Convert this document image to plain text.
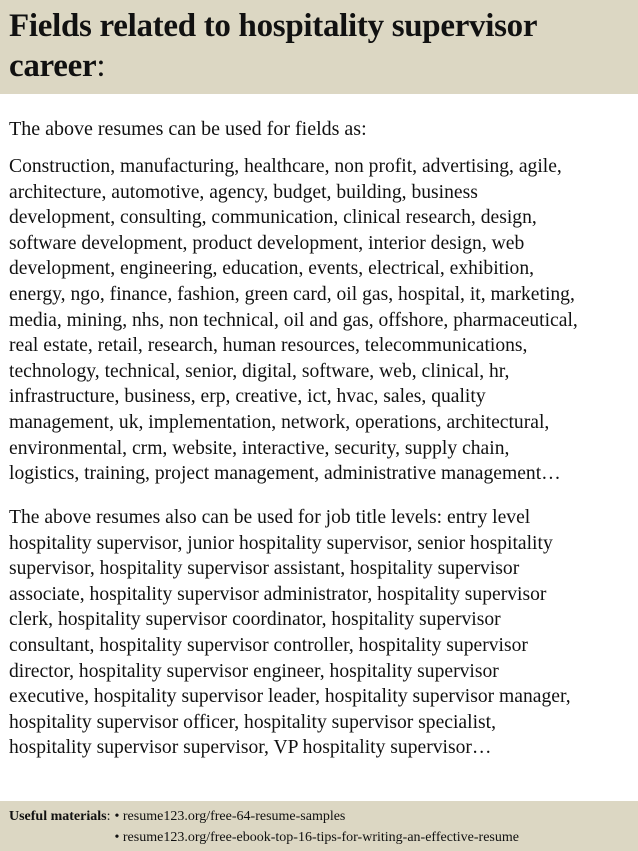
Fields related to hospitality supervisor
career:
The above resumes can be used for fields as:
Construction, manufacturing, healthcare, non profit, advertising, agile,
architecture, automotive, agency, budget, building, business
development, consulting, communication, clinical research, design,
software development, product development, interior design, web
development, engineering, education, events, electrical, exhibition,
energy, ngo, finance, fashion, green card, oil gas, hospital, it, marketing,
media, mining, nhs, non technical, oil and gas, offshore, pharmaceutical,
real estate, retail, research, human resources, telecommunications,
technology, technical, senior, digital, software, web, clinical, hr,
infrastructure, business, erp, creative, ict, hvac, sales, quality
management, uk, implementation, network, operations, architectural,
environmental, crm, website, interactive, security, supply chain,
logistics, training, project management, administrative management…
The above resumes also can be used for job title levels: entry level
hospitality supervisor, junior hospitality supervisor, senior hospitality
supervisor, hospitality supervisor assistant, hospitality supervisor
associate, hospitality supervisor administrator, hospitality supervisor
clerk, hospitality supervisor coordinator, hospitality supervisor
consultant, hospitality supervisor controller, hospitality supervisor
director, hospitality supervisor engineer, hospitality supervisor
executive, hospitality supervisor leader, hospitality supervisor manager,
hospitality supervisor officer, hospitality supervisor specialist,
hospitality supervisor supervisor, VP hospitality supervisor…
Useful materials: • resume123.org/free-64-resume-samples
• resume123.org/free-ebook-top-16-tips-for-writing-an-effective-resume
